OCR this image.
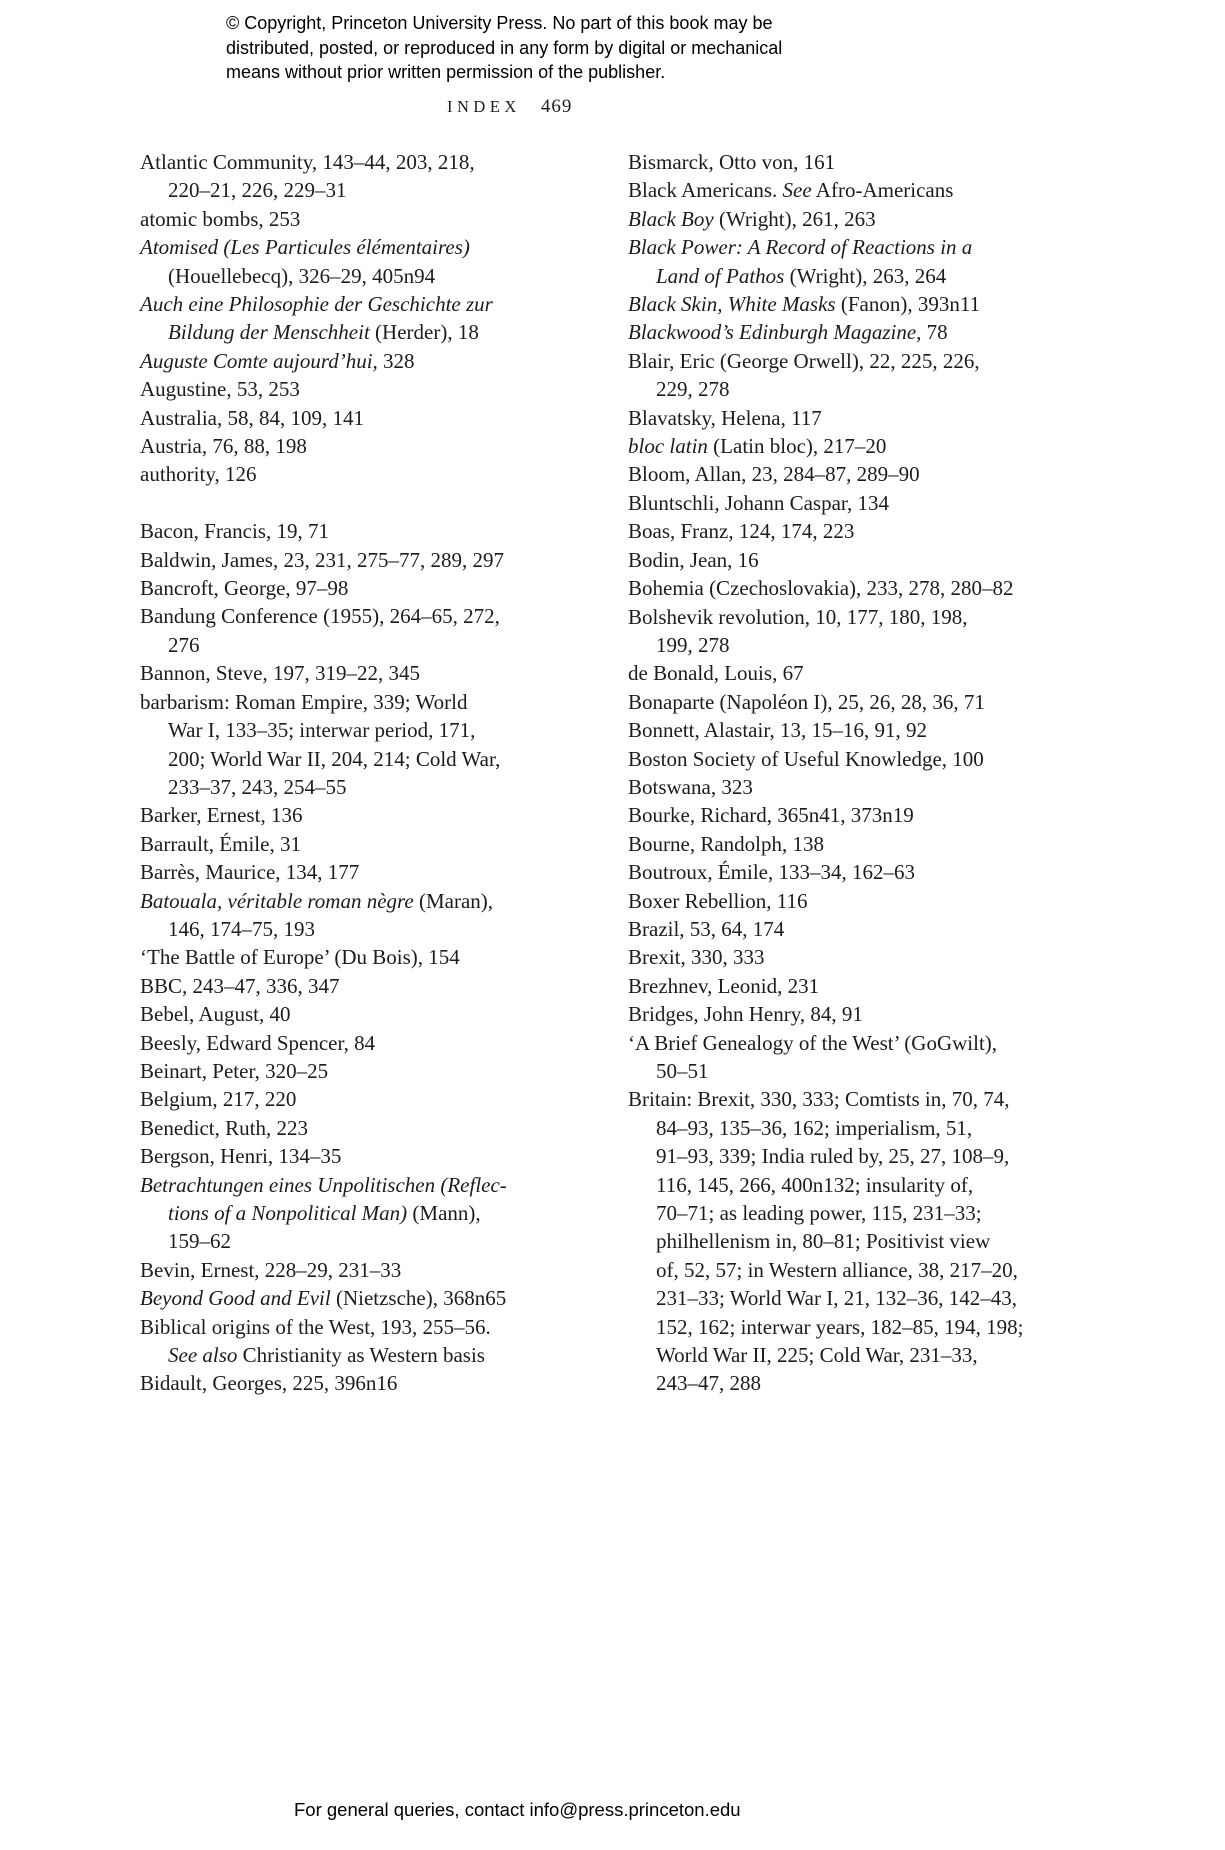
© Copyright, Princeton University Press. No part of this book may be
distributed, posted, or reproduced in any form by digital or mechanical
means without prior written permission of the publisher.
INDEX 469
Atlantic Community, 143–44, 203, 218,
220–21, 226, 229–31
atomic bombs, 253
Atomised (Les Particules élémentaires)
(Houellebecq), 326–29, 405n94
Auch eine Philosophie der Geschichte zur
Bildung der Menschheit (Herder), 18
Auguste Comte aujourd’hui, 328
Augustine, 53, 253
Australia, 58, 84, 109, 141
Austria, 76, 88, 198
authority, 126
Bacon, Francis, 19, 71
Baldwin, James, 23, 231, 275–77, 289, 297
Bancroft, George, 97–98
Bandung Conference (1955), 264–65, 272,
276
Bannon, Steve, 197, 319–22, 345
barbarism: Roman Empire, 339; World
War I, 133–35; interwar period, 171,
200; World War II, 204, 214; Cold War,
233–37, 243, 254–55
Barker, Ernest, 136
Barrault, Émile, 31
Barrès, Maurice, 134, 177
Batouala, véritable roman nègre (Maran),
146, 174–75, 193
‘The Battle of Europe’ (Du Bois), 154
BBC, 243–47, 336, 347
Bebel, August, 40
Beesly, Edward Spencer, 84
Beinart, Peter, 320–25
Belgium, 217, 220
Benedict, Ruth, 223
Bergson, Henri, 134–35
Betrachtungen eines Unpolitischen (Reflec-
tions of a Nonpolitical Man) (Mann),
159–62
Bevin, Ernest, 228–29, 231–33
Beyond Good and Evil (Nietzsche), 368n65
Biblical origins of the West, 193, 255–56.
See also Christianity as Western basis
Bidault, Georges, 225, 396n16
Bismarck, Otto von, 161
Black Americans. See Afro-Americans
Black Boy (Wright), 261, 263
Black Power: A Record of Reactions in a
Land of Pathos (Wright), 263, 264
Black Skin, White Masks (Fanon), 393n11
Blackwood’s Edinburgh Magazine, 78
Blair, Eric (George Orwell), 22, 225, 226,
229, 278
Blavatsky, Helena, 117
bloc latin (Latin bloc), 217–20
Bloom, Allan, 23, 284–87, 289–90
Bluntschli, Johann Caspar, 134
Boas, Franz, 124, 174, 223
Bodin, Jean, 16
Bohemia (Czechoslovakia), 233, 278, 280–82
Bolshevik revolution, 10, 177, 180, 198,
199, 278
de Bonald, Louis, 67
Bonaparte (Napoléon I), 25, 26, 28, 36, 71
Bonnett, Alastair, 13, 15–16, 91, 92
Boston Society of Useful Knowledge, 100
Botswana, 323
Bourke, Richard, 365n41, 373n19
Bourne, Randolph, 138
Boutroux, Émile, 133–34, 162–63
Boxer Rebellion, 116
Brazil, 53, 64, 174
Brexit, 330, 333
Brezhnev, Leonid, 231
Bridges, John Henry, 84, 91
‘A Brief Genealogy of the West’ (GoGwilt),
50–51
Britain: Brexit, 330, 333; Comtists in, 70, 74,
84–93, 135–36, 162; imperialism, 51,
91–93, 339; India ruled by, 25, 27, 108–9,
116, 145, 266, 400n132; insularity of,
70–71; as leading power, 115, 231–33;
philhellenism in, 80–81; Positivist view
of, 52, 57; in Western alliance, 38, 217–20,
231–33; World War I, 21, 132–36, 142–43,
152, 162; interwar years, 182–85, 194, 198;
World War II, 225; Cold War, 231–33,
243–47, 288
For general queries, contact info@press.princeton.edu
